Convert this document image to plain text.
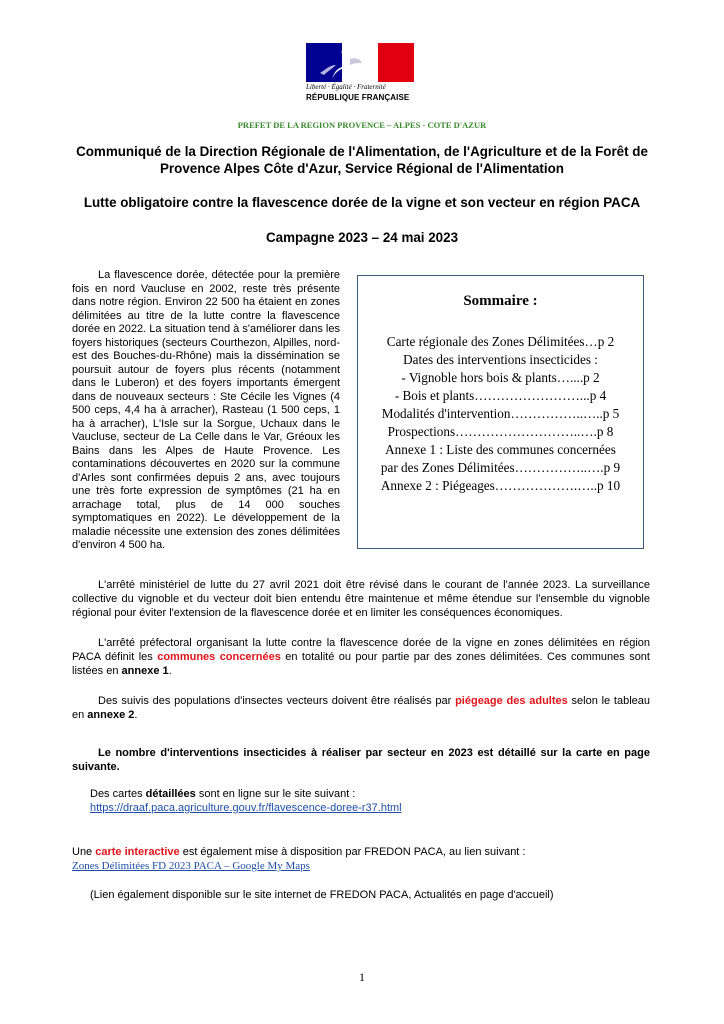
Liberté · Égalité · Fraternité
RÉPUBLIQUE FRANÇAISE
PREFET DE LA REGION PROVENCE – ALPES - COTE D'AZUR
Communiqué de la Direction Régionale de l'Alimentation, de l'Agriculture et de la Forêt de
Provence Alpes Côte d'Azur, Service Régional de l'Alimentation
Lutte obligatoire contre la flavescence dorée de la vigne et son vecteur en région PACA
Campagne 2023 – 24 mai 2023
La flavescence dorée, détectée pour la première fois en nord Vaucluse en 2002, reste très présente dans notre région. Environ 22 500 ha étaient en zones délimitées au titre de la lutte contre la flavescence dorée en 2022. La situation tend à s'améliorer dans les foyers historiques (secteurs Courthezon, Alpilles, nord-est des Bouches-du-Rhône) mais la dissémination se poursuit autour de foyers plus récents (notamment dans le Luberon) et des foyers importants émergent dans de nouveaux secteurs : Ste Cécile les Vignes (4 500 ceps, 4,4 ha à arracher), Rasteau (1 500 ceps, 1 ha à arracher), L'Isle sur la Sorgue, Uchaux dans le Vaucluse, secteur de La Celle dans le Var, Gréoux les Bains dans les Alpes de Haute Provence. Les contaminations découvertes en 2020 sur la commune d'Arles sont confirmées depuis 2 ans, avec toujours une très forte expression de symptômes (21 ha en arrachage total, plus de 14 000 souches symptomatiques en 2022). Le développement de la maladie nécessite une extension des zones délimitées d'environ 4 500 ha.
Sommaire :
Carte régionale des Zones Délimitées…p 2
Dates des interventions insecticides :
- Vignoble hors bois & plants…....p 2
- Bois et plants……………………...p 4
Modalités d'intervention……………..…..p 5
Prospections………………………..….p 8
Annexe 1 : Liste des communes concernées
par des Zones Délimitées……………..….p 9
Annexe 2 : Piégeages……………….…..p 10
L'arrêté ministériel de lutte du 27 avril 2021 doit être révisé dans le courant de l'année 2023. La surveillance collective du vignoble et du vecteur doit bien entendu être maintenue et même étendue sur l'ensemble du vignoble régional pour éviter l'extension de la flavescence dorée et en limiter les conséquences économiques.
L'arrêté préfectoral organisant la lutte contre la flavescence dorée de la vigne en zones délimitées en région PACA définit les communes concernées en totalité ou pour partie par des zones délimitées. Ces communes sont listées en annexe 1.
Des suivis des populations d'insectes vecteurs doivent être réalisés par piégeage des adultes selon le tableau en annexe 2.
Le nombre d'interventions insecticides à réaliser par secteur en 2023 est détaillé sur la carte en page suivante.
Des cartes détaillées sont en ligne sur le site suivant :
https://draaf.paca.agriculture.gouv.fr/flavescence-doree-r37.html
Une carte interactive est également mise à disposition par FREDON PACA, au lien suivant :
Zones Délimitées FD 2023 PACA – Google My Maps
(Lien également disponible sur le site internet de FREDON PACA, Actualités en page d'accueil)
1
